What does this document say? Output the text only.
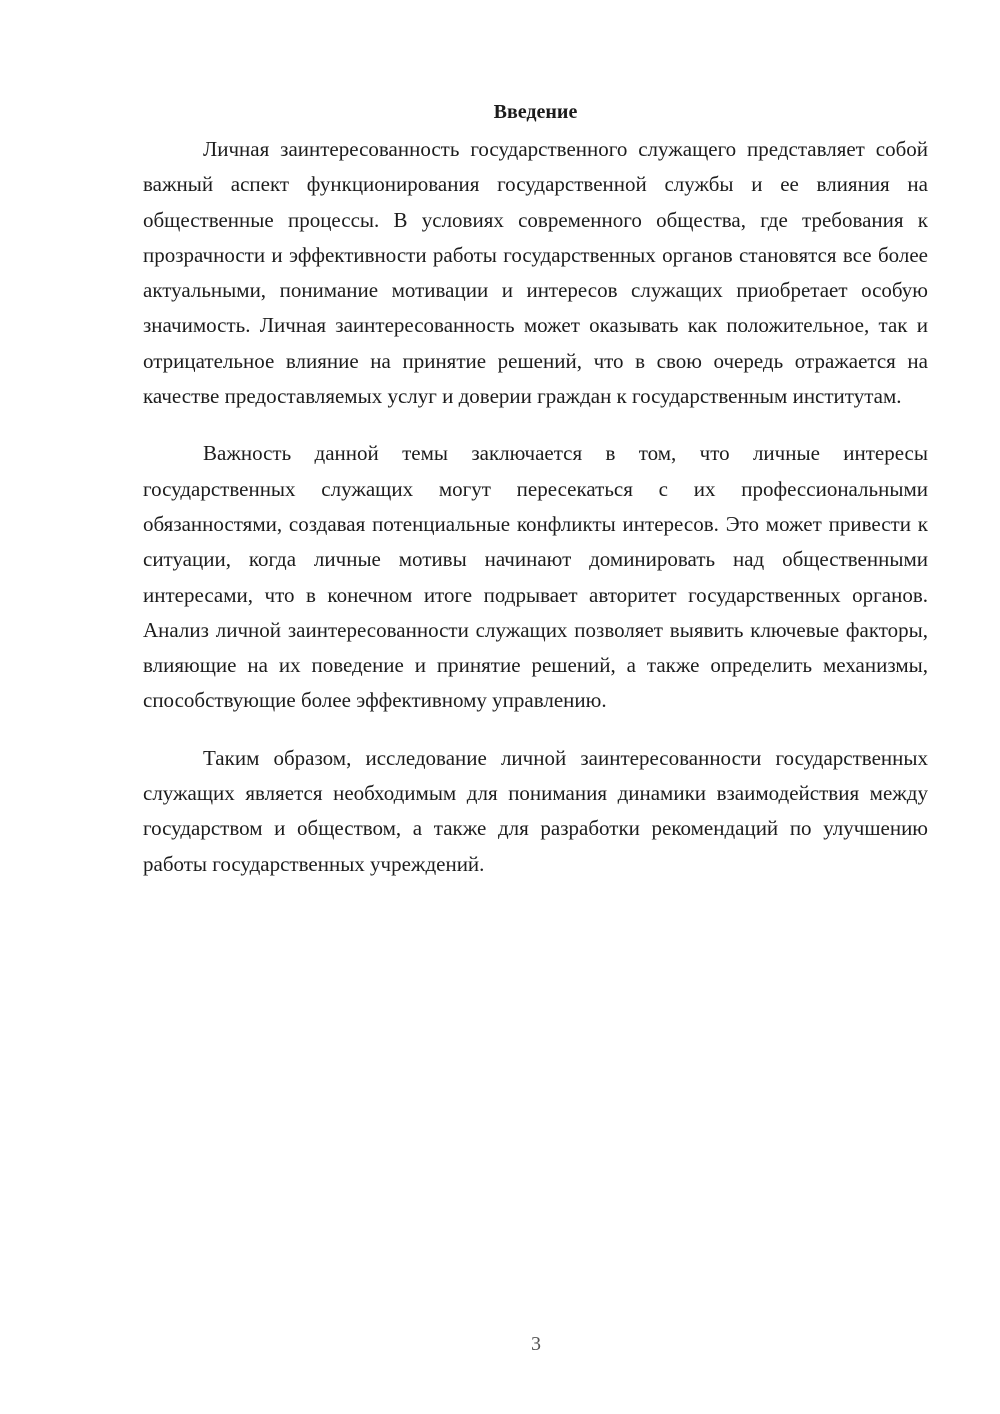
Введение

Личная заинтересованность государственного служащего представляет собой важный аспект функционирования государственной службы и ее влияния на общественные процессы. В условиях современного общества, где требования к прозрачности и эффективности работы государственных органов становятся все более актуальными, понимание мотивации и интересов служащих приобретает особую значимость. Личная заинтересованность может оказывать как положительное, так и отрицательное влияние на принятие решений, что в свою очередь отражается на качестве предоставляемых услуг и доверии граждан к государственным институтам.

Важность данной темы заключается в том, что личные интересы государственных служащих могут пересекаться с их профессиональными обязанностями, создавая потенциальные конфликты интересов. Это может привести к ситуации, когда личные мотивы начинают доминировать над общественными интересами, что в конечном итоге подрывает авторитет государственных органов. Анализ личной заинтересованности служащих позволяет выявить ключевые факторы, влияющие на их поведение и принятие решений, а также определить механизмы, способствующие более эффективному управлению.

Таким образом, исследование личной заинтересованности государственных служащих является необходимым для понимания динамики взаимодействия между государством и обществом, а также для разработки рекомендаций по улучшению работы государственных учреждений.

3
